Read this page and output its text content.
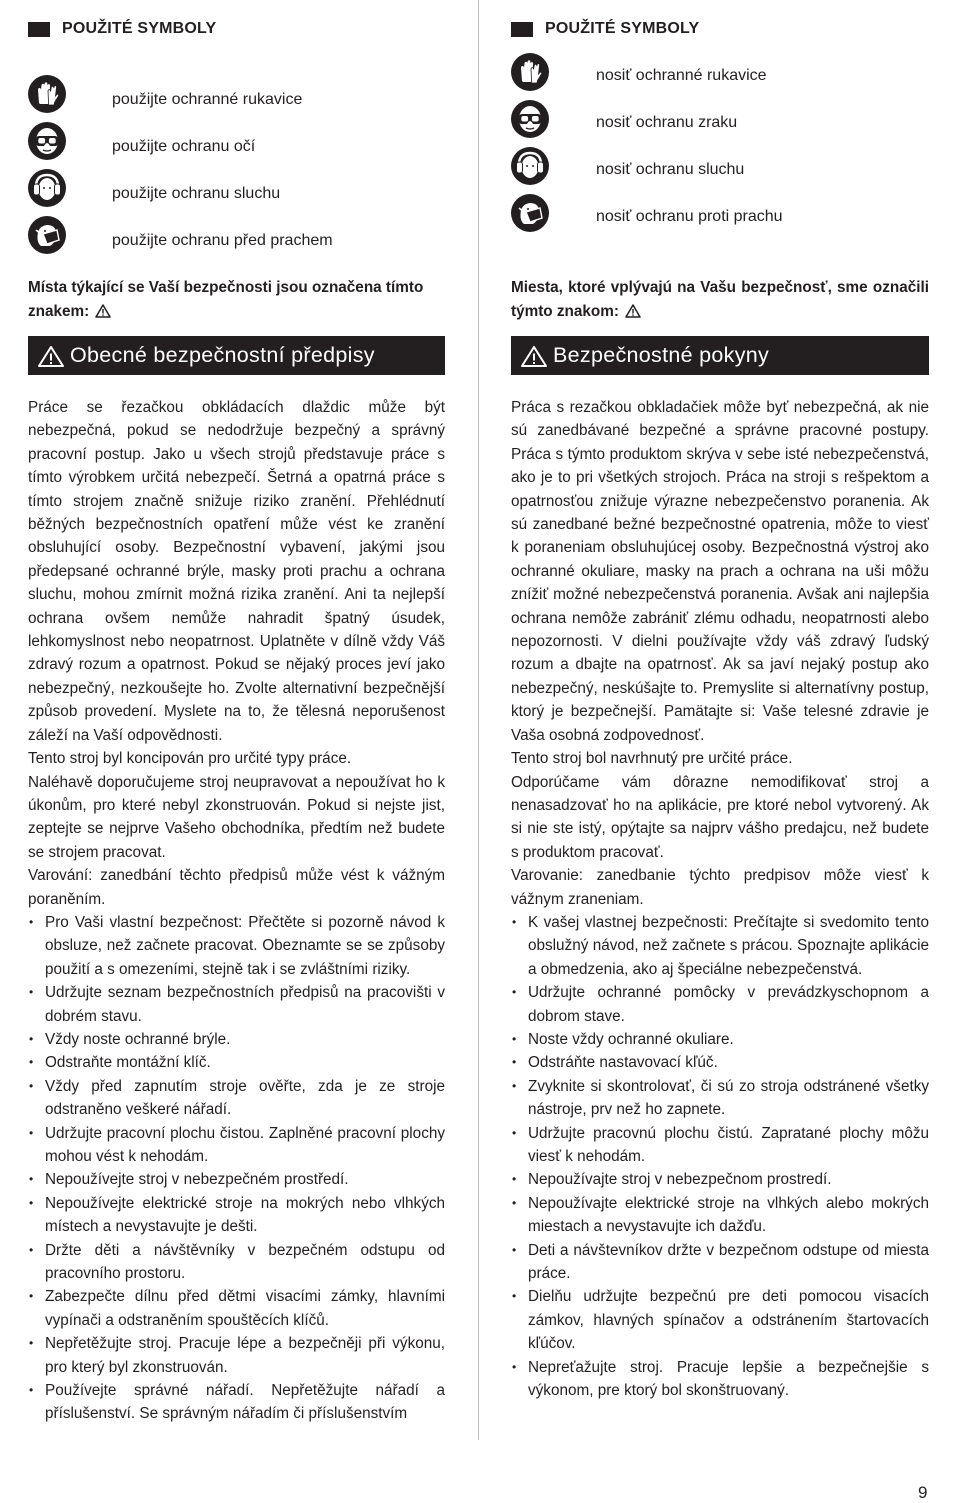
POUŽITÉ SYMBOLY
použijte ochranné rukavice
použijte ochranu očí
použijte ochranu sluchu
použijte ochranu před prachem
Místa týkající se Vaší bezpečnosti jsou označena tímto znakem:
Obecné bezpečnostní předpisy

Práce se řezačkou obkládacích dlaždic může být nebezpečná, pokud se nedodržuje bezpečný a správný pracovní postup. Jako u všech strojů představuje práce s tímto výrobkem určitá nebezpečí. Šetrná a opatrná práce s tímto strojem značně snižuje riziko zranění. Přehlédnutí běžných bezpečnostních opatření může vést ke zranění obsluhující osoby. Bezpečnostní vybavení, jakými jsou předepsané ochranné brýle, masky proti prachu a ochrana sluchu, mohou zmírnit možná rizika zranění. Ani ta nejlepší ochrana ovšem nemůže nahradit špatný úsudek, lehkomyslnost nebo neopatrnost. Uplatněte v dílně vždy Váš zdravý rozum a opatrnost. Pokud se nějaký proces jeví jako nebezpečný, nezkoušejte ho. Zvolte alternativní bezpečnější způsob provedení. Myslete na to, že tělesná neporušenost záleží na Vaší odpovědnosti.

Tento stroj byl koncipován pro určité typy práce.

Naléhavě doporučujeme stroj neupravovat a nepoužívat ho k úkonům, pro které nebyl zkonstruován. Pokud si nejste jist, zeptejte se nejprve Vašeho obchodníka, předtím než budete se strojem pracovat.

Varování: zanedbání těchto předpisů může vést k vážným poraněním.

• Pro Vaši vlastní bezpečnost: Přečtěte si pozorně návod k obsluze, než začnete pracovat. Obeznamte se se způsoby použití a s omezeními, stejně tak i se zvláštními riziky.
• Udržujte seznam bezpečnostních předpisů na pracovišti v dobrém stavu.
• Vždy noste ochranné brýle.
• Odstraňte montážní klíč.
• Vždy před zapnutím stroje ověřte, zda je ze stroje odstraněno veškeré nářadí.
• Udržujte pracovní plochu čistou. Zaplněné pracovní plochy mohou vést k nehodám.
• Nepoužívejte stroj v nebezpečném prostředí.
• Nepoužívejte elektrické stroje na mokrých nebo vlhkých místech a nevystavujte je dešti.
• Držte děti a návštěvníky v bezpečném odstupu od pracovního prostoru.
• Zabezpečte dílnu před dětmi visacími zámky, hlavními vypínači a odstraněním spouštěcích klíčů.
• Nepřetěžujte stroj. Pracuje lépe a bezpečněji při výkonu, pro který byl zkonstruován.
• Používejte správné nářadí. Nepřetěžujte nářadí a příslušenství. Se správným nářadím či příslušenstvím
POUŽITÉ SYMBOLY
nosiť ochranné rukavice
nosiť ochranu zraku
nosiť ochranu sluchu
nosiť ochranu proti prachu
Miesta, ktoré vplývajú na Vašu bezpečnosť, sme označili týmto znakom:
Bezpečnostné pokyny

Práca s rezačkou obkladačiek môže byť nebezpečná, ak nie sú zanedbávané bezpečné a správne pracovné postupy. Práca s týmto produktom skrýva v sebe isté nebezpečenstvá, ako je to pri všetkých strojoch. Práca na stroji s rešpektom a opatrnosťou znižuje výrazne nebezpečenstvo poranenia. Ak sú zanedbané bežné bezpečnostné opatrenia, môže to viesť k poraneniam obsluhujúcej osoby. Bezpečnostná výstroj ako ochranné okuliare, masky na prach a ochrana na uši môžu znížiť možné nebezpečenstvá poranenia. Avšak ani najlepšia ochrana nemôže zabrániť zlému odhadu, neopatrnosti alebo nepozornosti. V dielni používajte vždy váš zdravý ľudský rozum a dbajte na opatrnosť. Ak sa javí nejaký postup ako nebezpečný, neskúšajte to. Premyslite si alternatívny postup, ktorý je bezpečnejší. Pamätajte si: Vaše telesné zdravie je Vaša osobná zodpovednosť.

Tento stroj bol navrhnutý pre určité práce.

Odporúčame vám dôrazne nemodifikovať stroj a nenasadzovať ho na aplikácie, pre ktoré nebol vytvorený. Ak si nie ste istý, opýtajte sa najprv vášho predajcu, než budete s produktom pracovať.

Varovanie: zanedbanie týchto predpisov môže viesť k vážnym zraneniam.

• K vašej vlastnej bezpečnosti: Prečítajte si svedomito tento obslužný návod, než začnete s prácou. Spoznajte aplikácie a obmedzenia, ako aj špeciálne nebezpečenstvá.
• Udržujte ochranné pomôcky v prevádzkyschopnom a dobrom stave.
• Noste vždy ochranné okuliare.
• Odstráňte nastavovací kľúč.
• Zvyknite si skontrolovať, či sú zo stroja odstránené všetky nástroje, prv než ho zapnete.
• Udržujte pracovnú plochu čistú. Zapratané plochy môžu viesť k nehodám.
• Nepoužívajte stroj v nebezpečnom prostredí.
• Nepoužívajte elektrické stroje na vlhkých alebo mokrých miestach a nevystavujte ich dažďu.
• Deti a návštevníkov držte v bezpečnom odstupe od miesta práce.
• Dielňu udržujte bezpečnú pre deti pomocou visacích zámkov, hlavných spínačov a odstránením štartovacích kľúčov.
• Nepreťažujte stroj. Pracuje lepšie a bezpečnejšie s výkonom, pre ktorý bol skonštruovaný.
9
